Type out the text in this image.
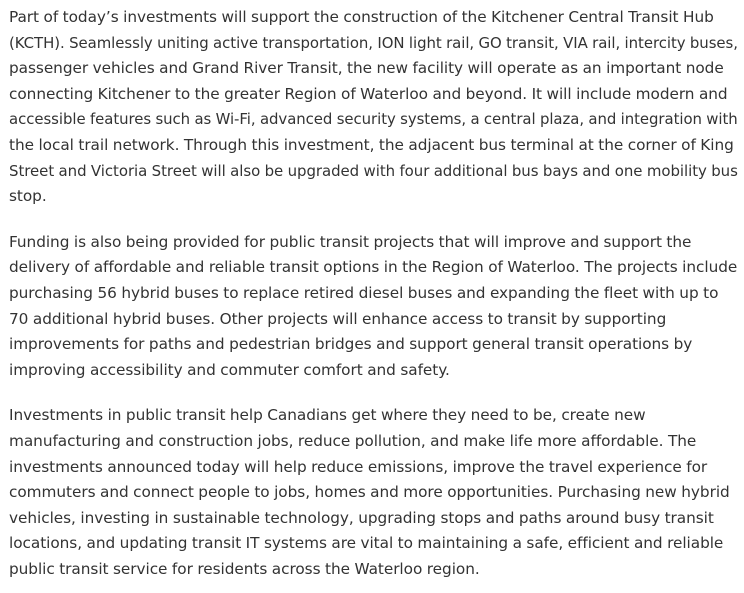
Part of today’s investments will support the construction of the Kitchener Central Transit Hub
(KCTH). Seamlessly uniting active transportation, ION light rail, GO transit, VIA rail, intercity buses,
passenger vehicles and Grand River Transit, the new facility will operate as an important node
connecting Kitchener to the greater Region of Waterloo and beyond. It will include modern and
accessible features such as Wi-Fi, advanced security systems, a central plaza, and integration with
the local trail network. Through this investment, the adjacent bus terminal at the corner of King
Street and Victoria Street will also be upgraded with four additional bus bays and one mobility bus
stop.

Funding is also being provided for public transit projects that will improve and support the
delivery of affordable and reliable transit options in the Region of Waterloo. The projects include
purchasing 56 hybrid buses to replace retired diesel buses and expanding the fleet with up to
70 additional hybrid buses. Other projects will enhance access to transit by supporting
improvements for paths and pedestrian bridges and support general transit operations by
improving accessibility and commuter comfort and safety.

Investments in public transit help Canadians get where they need to be, create new
manufacturing and construction jobs, reduce pollution, and make life more affordable. The
investments announced today will help reduce emissions, improve the travel experience for
commuters and connect people to jobs, homes and more opportunities. Purchasing new hybrid
vehicles, investing in sustainable technology, upgrading stops and paths around busy transit
locations, and updating transit IT systems are vital to maintaining a safe, efficient and reliable
public transit service for residents across the Waterloo region.
